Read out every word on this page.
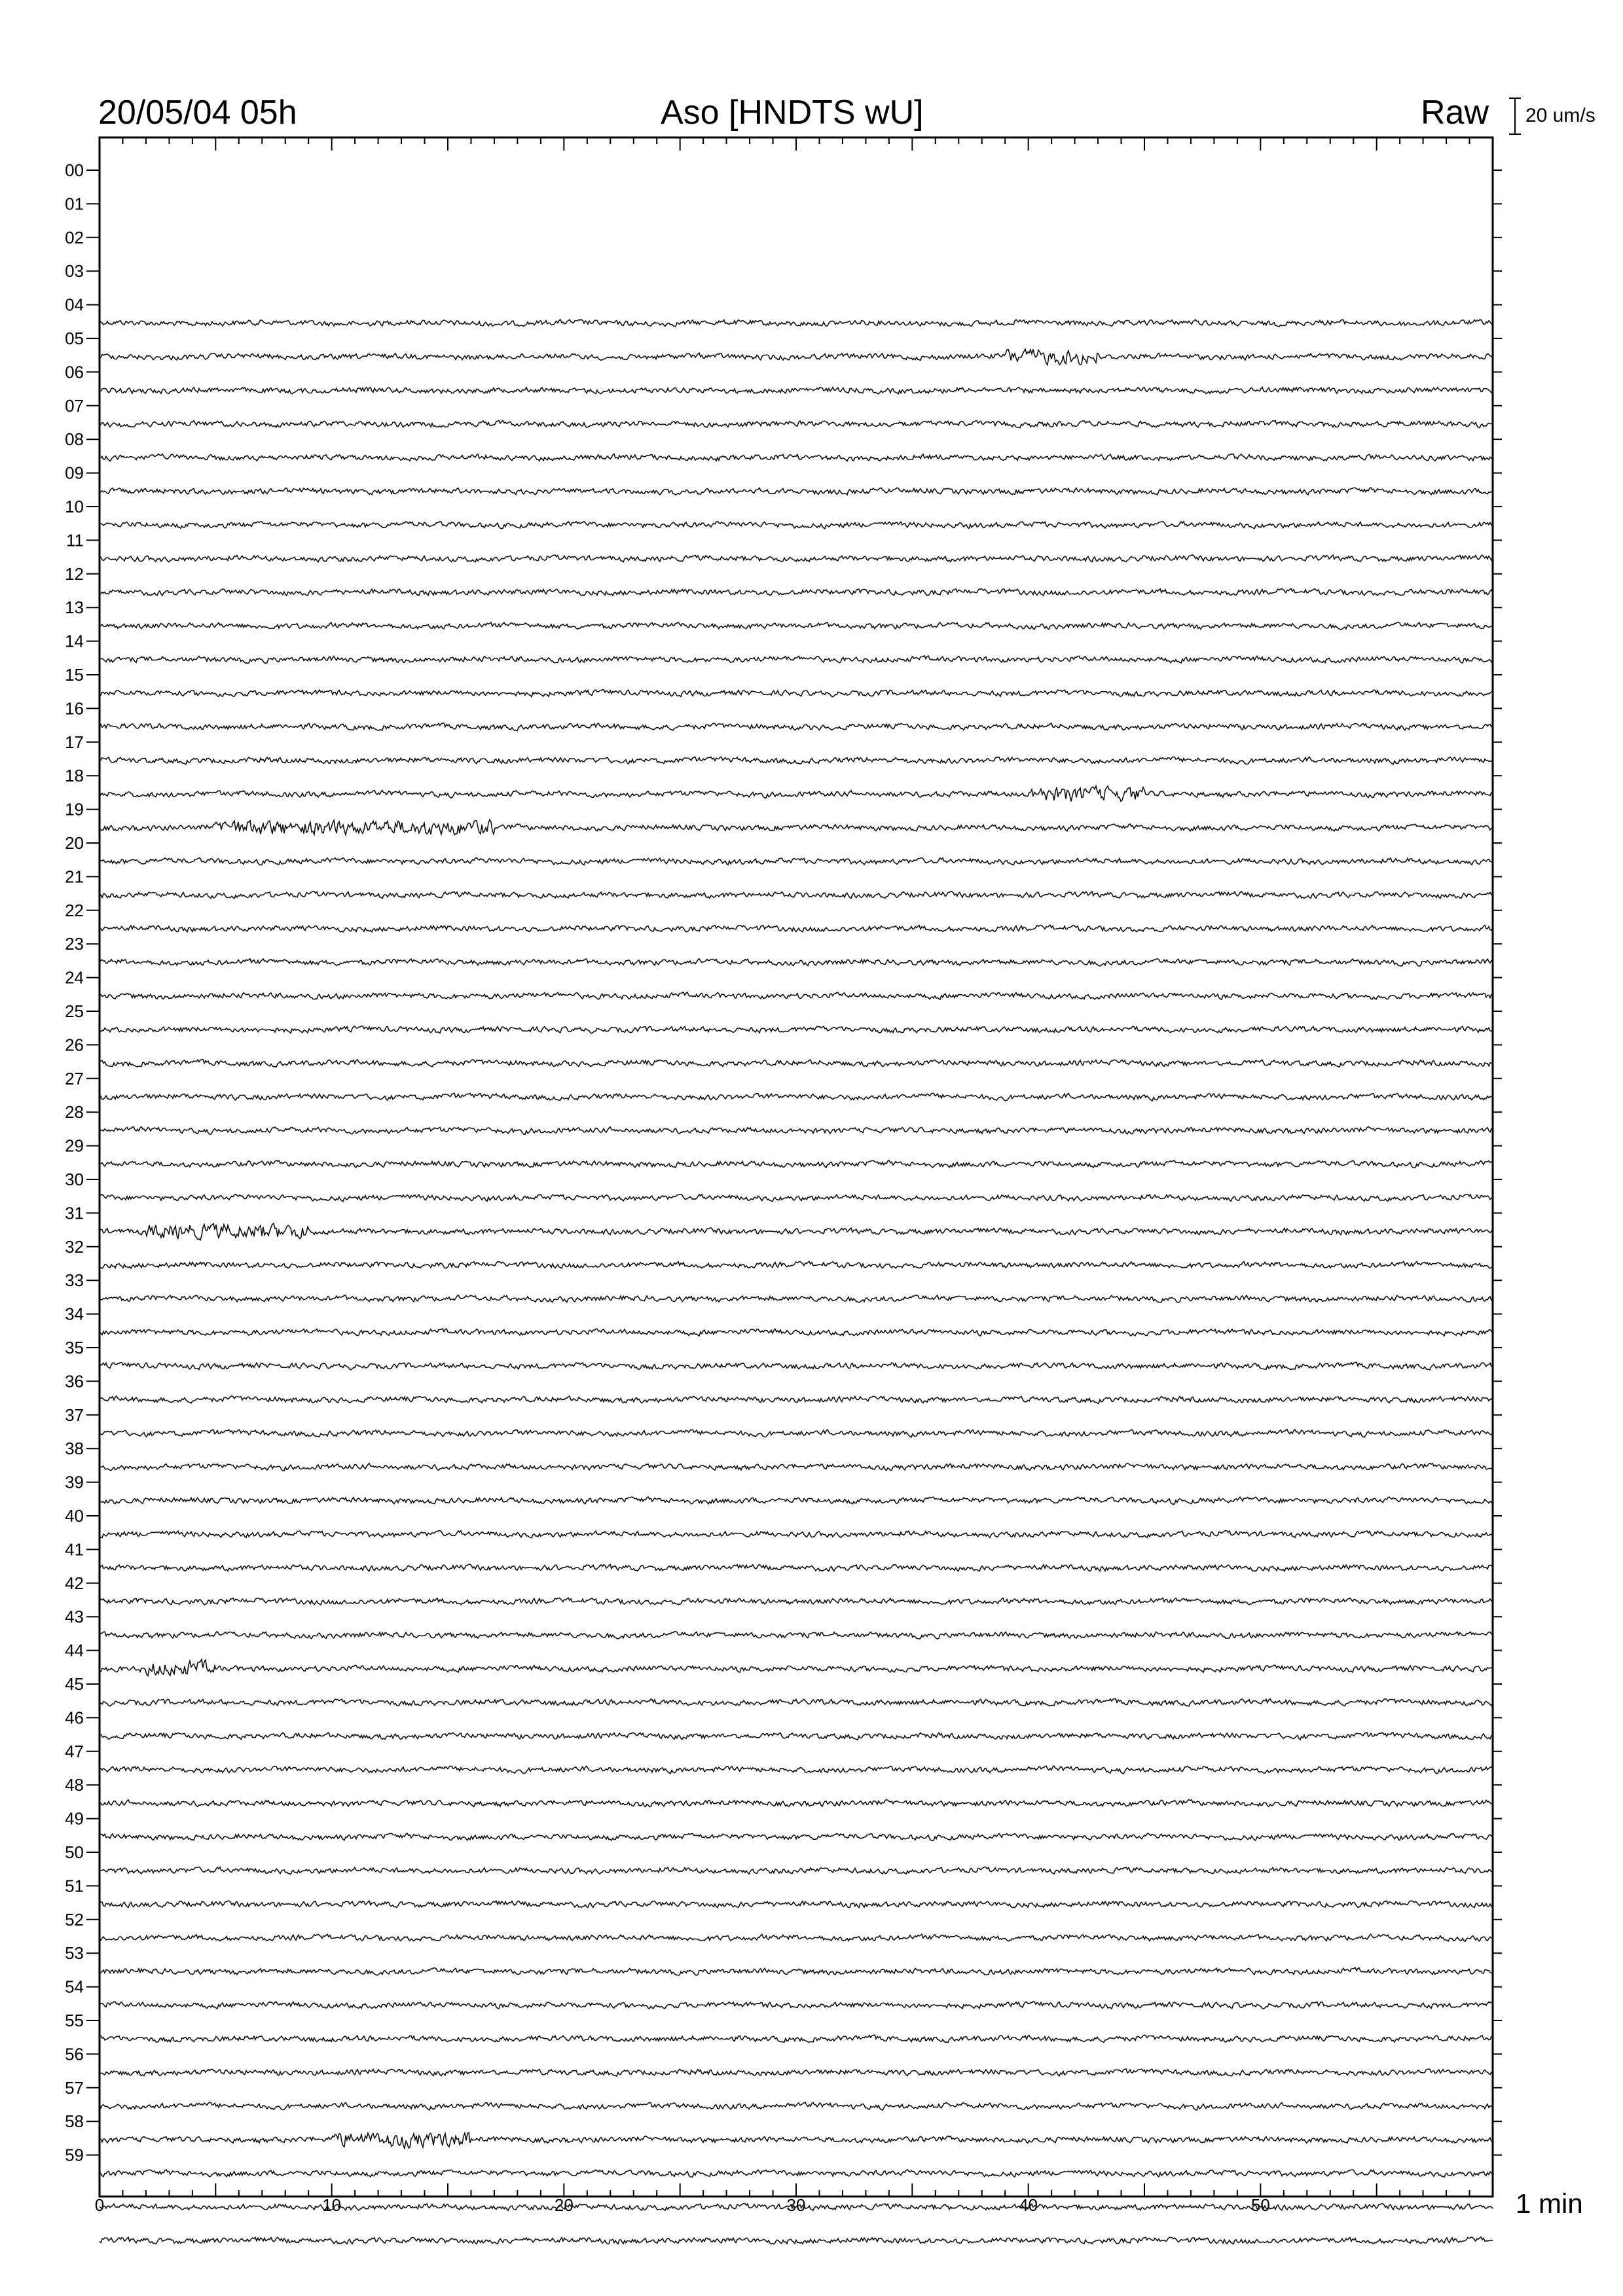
20/05/04 05h	Aso [HNDTS wU]	Raw 20 um/s
1 min
00
01
02
03
04
05
06
07
08
09
10
11
12
13
14
15
16
17
18
19
20
21
22
23
24
25
26
27
28
29
30
31
32
33
34
35
36
37
38
39
40
41
42
43
44
45
46
47
48
49
50
51
52
53
54
55
56
57
58
59
0	10	20	30	40	50
